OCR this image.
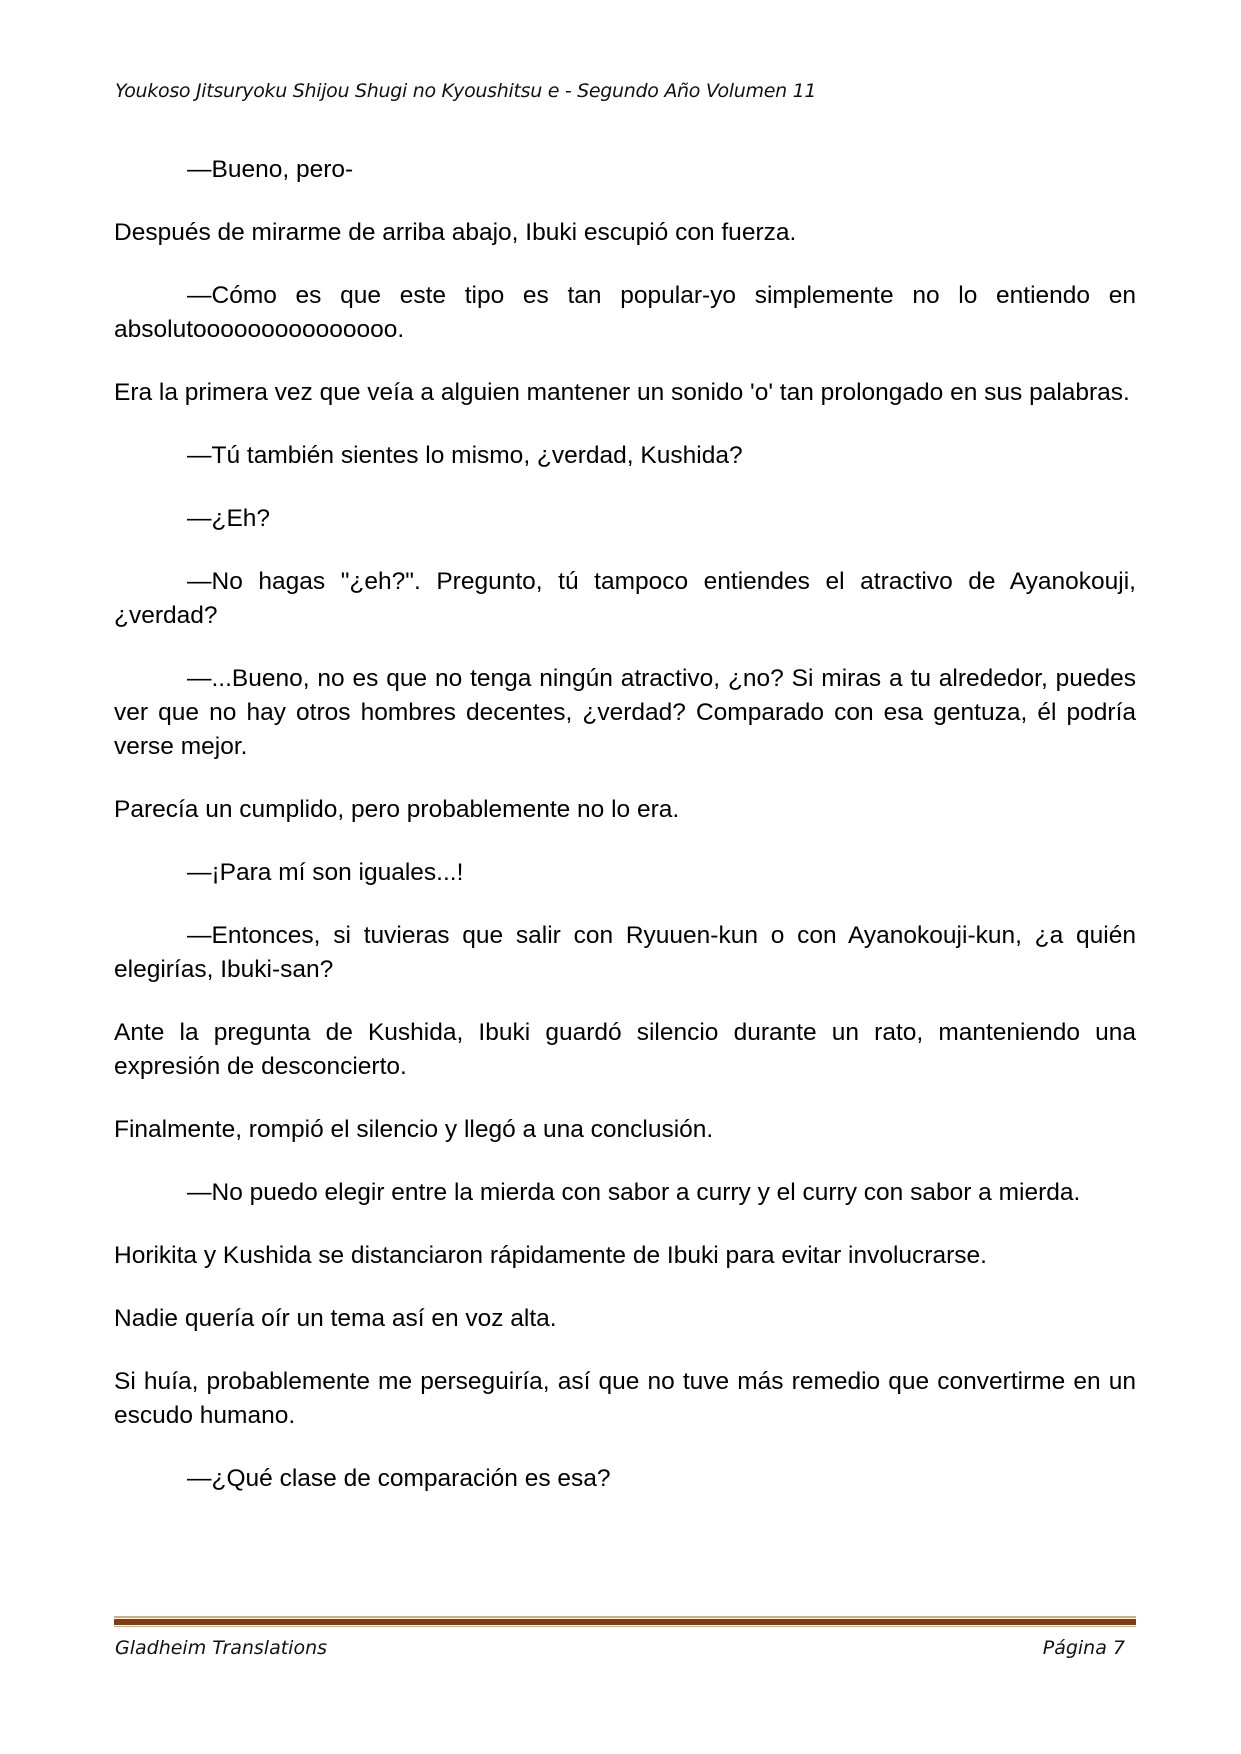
Youkoso Jitsuryoku Shijou Shugi no Kyoushitsu e - Segundo Año Volumen 11

—Bueno, pero-

Después de mirarme de arriba abajo, Ibuki escupió con fuerza.

—Cómo es que este tipo es tan popular-yo simplemente no lo entiendo en absolutooooooooooooooo.

Era la primera vez que veía a alguien mantener un sonido 'o' tan prolongado en sus palabras.

—Tú también sientes lo mismo, ¿verdad, Kushida?

—¿Eh?

—No hagas "¿eh?". Pregunto, tú tampoco entiendes el atractivo de Ayanokouji, ¿verdad?

—...Bueno, no es que no tenga ningún atractivo, ¿no? Si miras a tu alrededor, puedes ver que no hay otros hombres decentes, ¿verdad? Comparado con esa gentuza, él podría verse mejor.

Parecía un cumplido, pero probablemente no lo era.

—¡Para mí son iguales...!

—Entonces, si tuvieras que salir con Ryuuen-kun o con Ayanokouji-kun, ¿a quién elegirías, Ibuki-san?

Ante la pregunta de Kushida, Ibuki guardó silencio durante un rato, manteniendo una expresión de desconcierto.

Finalmente, rompió el silencio y llegó a una conclusión.

—No puedo elegir entre la mierda con sabor a curry y el curry con sabor a mierda.

Horikita y Kushida se distanciaron rápidamente de Ibuki para evitar involucrarse.

Nadie quería oír un tema así en voz alta.

Si huía, probablemente me perseguiría, así que no tuve más remedio que convertirme en un escudo humano.

—¿Qué clase de comparación es esa?

Gladheim Translations	Página 7
